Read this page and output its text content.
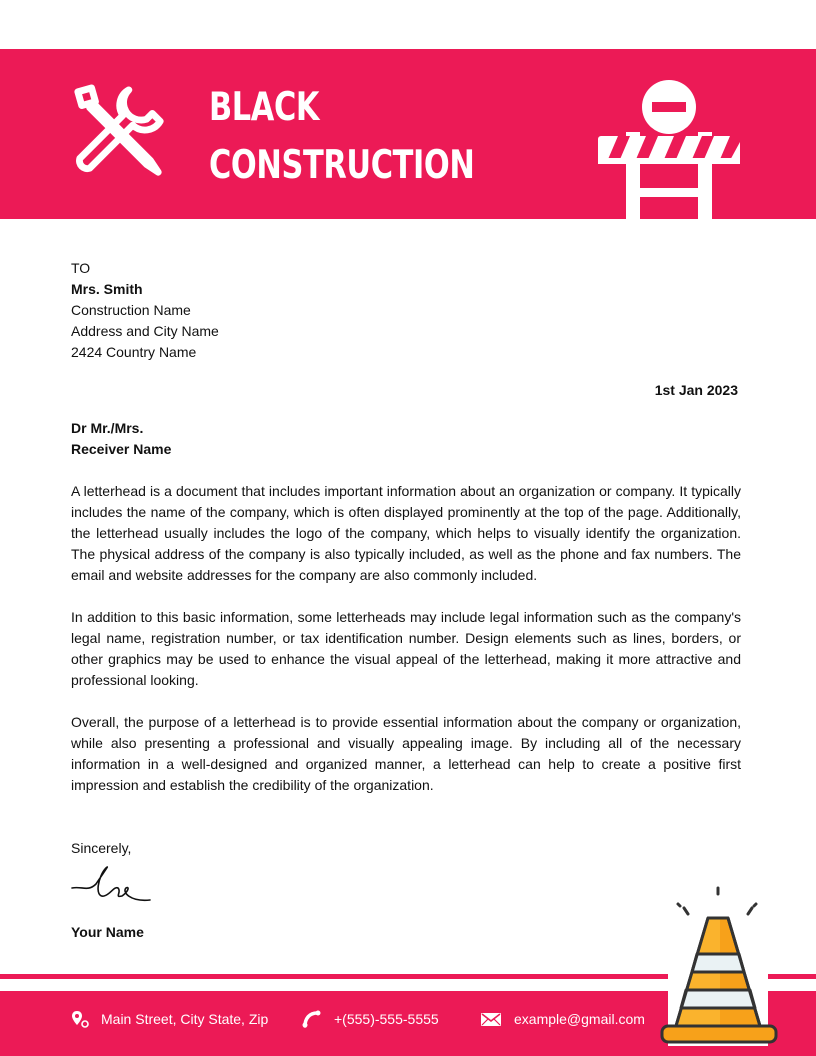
BLACK
CONSTRUCTION
TO
Mrs. Smith
Construction Name
Address and City Name
2424 Country Name
1st Jan 2023
Dr Mr./Mrs.
Receiver Name

A letterhead is a document that includes important information about an organization or company. It typically includes the name of the company, which is often displayed prominently at the top of the page. Additionally, the letterhead usually includes the logo of the company, which helps to visually identify the organization. The physical address of the company is also typically included, as well as the phone and fax numbers. The email and website addresses for the company are also commonly included.

In addition to this basic information, some letterheads may include legal information such as the company's legal name, registration number, or tax identification number. Design elements such as lines, borders, or other graphics may be used to enhance the visual appeal of the letterhead, making it more attractive and professional looking.

Overall, the purpose of a letterhead is to provide essential information about the company or organization, while also presenting a professional and visually appealing image. By including all of the necessary information in a well-designed and organized manner, a letterhead can help to create a positive first impression and establish the credibility of the organization.

Sincerely,
Your Name
Main Street, City State, Zip	+(555)-555-5555	example@gmail.com
